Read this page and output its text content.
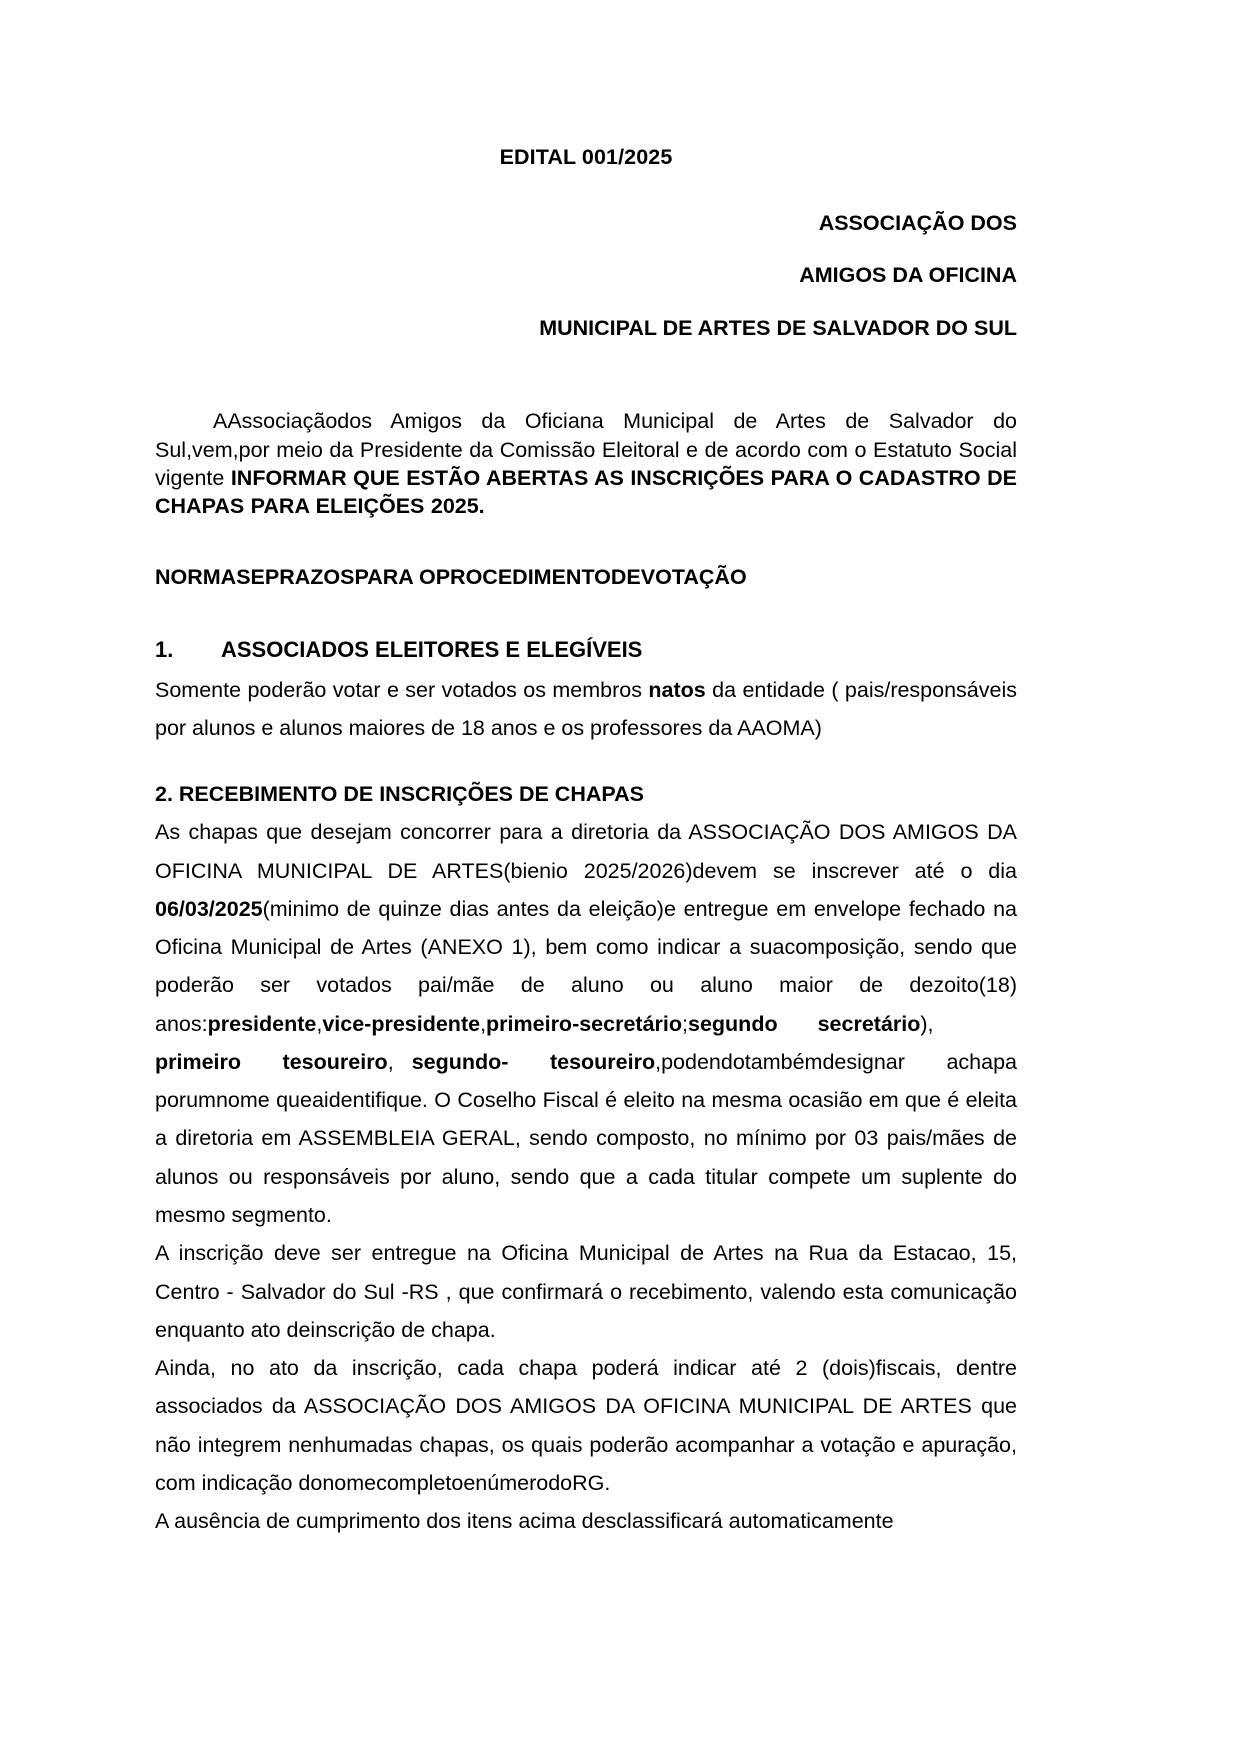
EDITAL 001/2025
ASSOCIAÇÃO DOS
AMIGOS DA OFICINA
MUNICIPAL DE ARTES DE SALVADOR DO SUL

AAssociaçãodos Amigos da Oficiana Municipal de Artes de Salvador do Sul,vem,por meio da Presidente da Comissão Eleitoral e de acordo com o Estatuto Social vigente INFORMAR QUE ESTÃO ABERTAS AS INSCRIÇÕES PARA O CADASTRO DE CHAPAS PARA ELEIÇÕES 2025.

NORMASEPRAZOSPARA OPROCEDIMENTODEVOTAÇÃO
1. ASSOCIADOS ELEITORES E ELEGÍVEIS

Somente poderão votar e ser votados os membros natos da entidade ( pais/responsáveis por alunos e alunos maiores de 18 anos e os professores da AAOMA)

2. RECEBIMENTO DE INSCRIÇÕES DE CHAPAS

As chapas que desejam concorrer para a diretoria da ASSOCIAÇÃO DOS AMIGOS DA OFICINA MUNICIPAL DE ARTES(bienio 2025/2026)devem se inscrever até o dia 06/03/2025(minimo de quinze dias antes da eleição)e entregue em envelope fechado na Oficina Municipal de Artes (ANEXO 1), bem como indicar a suacomposição, sendo que poderão ser votados pai/mãe de aluno ou aluno maior de dezoito(18) anos:presidente,vice-presidente,primeiro-secretário;segundo secretário), primeiro tesoureiro, segundo- tesoureiro,podendotambémdesignar achapa porumnome queaidentifique. O Coselho Fiscal é eleito na mesma ocasião em que é eleita a diretoria em ASSEMBLEIA GERAL, sendo composto, no mínimo por 03 pais/mães de alunos ou responsáveis por aluno, sendo que a cada titular compete um suplente do mesmo segmento.

A inscrição deve ser entregue na Oficina Municipal de Artes na Rua da Estacao, 15, Centro - Salvador do Sul -RS , que confirmará o recebimento, valendo esta comunicação enquanto ato deinscrição de chapa.

Ainda, no ato da inscrição, cada chapa poderá indicar até 2 (dois)fiscais, dentre associados da ASSOCIAÇÃO DOS AMIGOS DA OFICINA MUNICIPAL DE ARTES que não integrem nenhumadas chapas, os quais poderão acompanhar a votação e apuração, com indicação donomecompletoenúmerodoRG.

A ausência de cumprimento dos itens acima desclassificará automaticamente
